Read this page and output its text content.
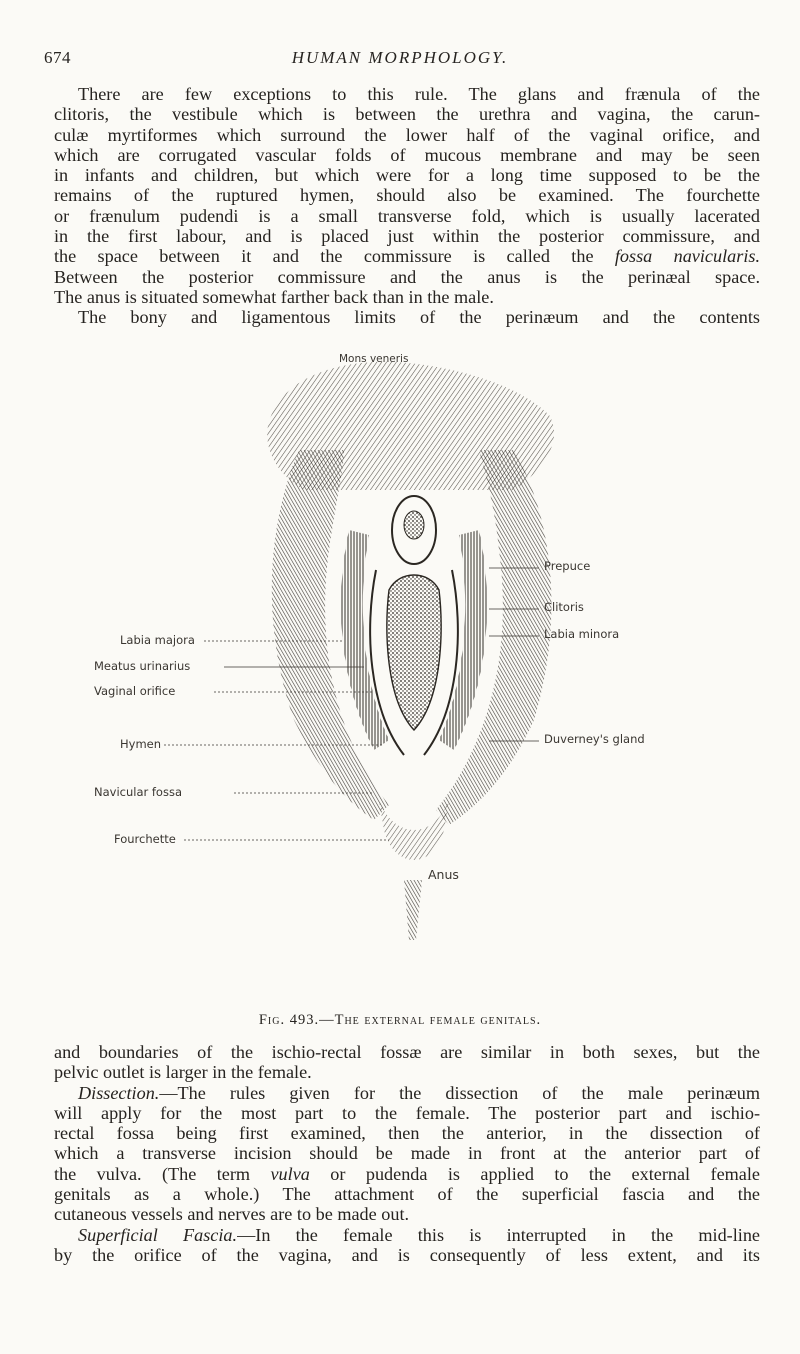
674	HUMAN MORPHOLOGY.
There are few exceptions to this rule. The glans and frænula of the
clitoris, the vestibule which is between the urethra and vagina, the carun-
culæ myrtiformes which surround the lower half of the vaginal orifice, and
which are corrugated vascular folds of mucous membrane and may be seen
in infants and children, but which were for a long time supposed to be the
remains of the ruptured hymen, should also be examined. The fourchette
or frænulum pudendi is a small transverse fold, which is usually lacerated
in the first labour, and is placed just within the posterior commissure, and
the space between it and the commissure is called the fossa navicularis.
Between the posterior commissure and the anus is the perinæal space.
The anus is situated somewhat farther back than in the male.
The bony and ligamentous limits of the perinæum and the contents
Mons veneris
Prepuce
Clitoris
Labia majora	Labia minora
Meatus urinarius
Vaginal orifice
Duverney's gland
Hymen
Navicular fossa
Fourchette
Anus
Fig. 493.—The external female genitals.
and boundaries of the ischio-rectal fossæ are similar in both sexes, but the
pelvic outlet is larger in the female.
Dissection.—The rules given for the dissection of the male perinæum
will apply for the most part to the female. The posterior part and ischio-
rectal fossa being first examined, then the anterior, in the dissection of
which a transverse incision should be made in front at the anterior part of
the vulva. (The term vulva or pudenda is applied to the external female
genitals as a whole.) The attachment of the superficial fascia and the
cutaneous vessels and nerves are to be made out.
Superficial Fascia.—In the female this is interrupted in the mid-line
by the orifice of the vagina, and is consequently of less extent, and its
